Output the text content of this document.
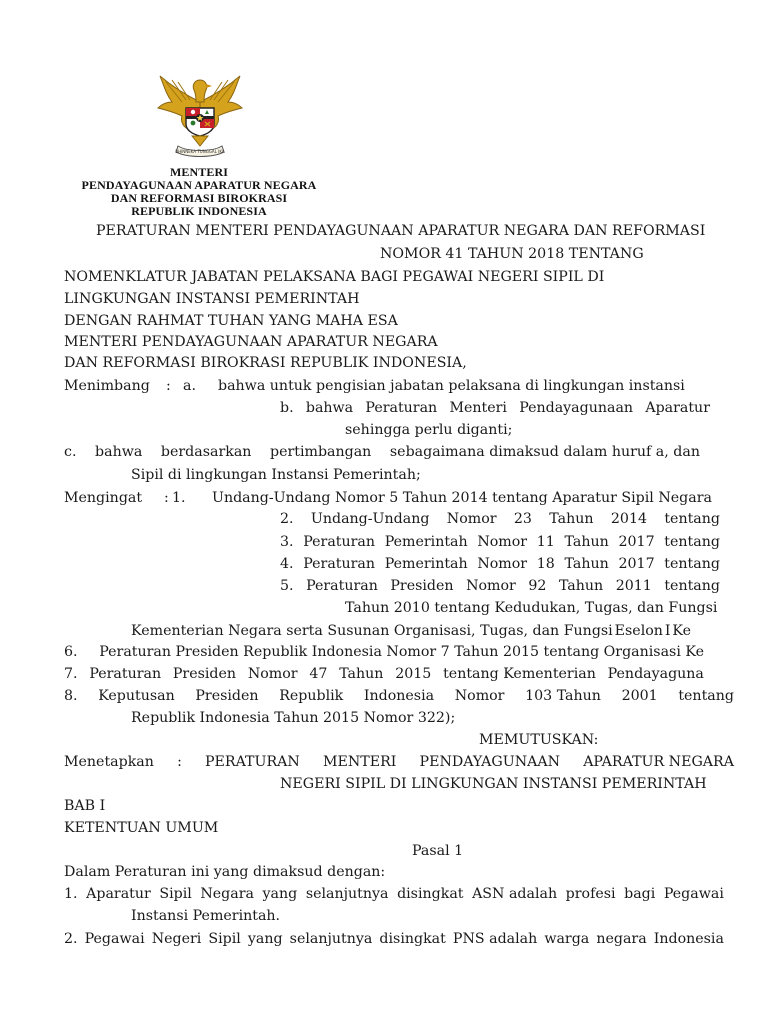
BHINNEKA TUNGGAL IKA
MENTERI
PENDAYAGUNAAN APARATUR NEGARA
DAN REFORMASI BIROKRASI
REPUBLIK INDONESIA
PERATURAN MENTERI PENDAYAGUNAAN APARATUR NEGARA DAN REFORMASI
NOMOR 41 TAHUN 2018 TENTANG
NOMENKLATUR JABATAN PELAKSANA BAGI PEGAWAI NEGERI SIPIL DI
LINGKUNGAN INSTANSI PEMERINTAH
DENGAN RAHMAT TUHAN YANG MAHA ESA
MENTERI PENDAYAGUNAAN APARATUR NEGARA
DAN REFORMASI BIROKRASI REPUBLIK INDONESIA,
Menimbang : a. bahwa untuk pengisian jabatan pelaksana di lingkungan instansi
b. bahwa Peraturan Menteri Pendayagunaan Aparatur
sehingga perlu diganti;
c. bahwa berdasarkan pertimbangan sebagaimana dimaksud dalam huruf a, dan
Sipil di lingkungan Instansi Pemerintah;
Mengingat : 1. Undang-Undang Nomor 5 Tahun 2014 tentang Aparatur Sipil Negara
2. Undang-Undang Nomor 23 Tahun 2014 tentang
3. Peraturan Pemerintah Nomor 11 Tahun 2017 tentang
4. Peraturan Pemerintah Nomor 18 Tahun 2017 tentang
5. Peraturan Presiden Nomor 92 Tahun 2011 tentang
Tahun 2010 tentang Kedudukan, Tugas, dan Fungsi
Kementerian Negara serta Susunan Organisasi, Tugas, dan Fungsi Eselon I Ke
6. Peraturan Presiden Republik Indonesia Nomor 7 Tahun 2015 tentang Organisasi Ke
7. Peraturan Presiden Nomor 47 Tahun 2015 tentang Kementerian Pendayaguna
8. Keputusan Presiden Republik Indonesia Nomor 103 Tahun 2001 tentang
Republik Indonesia Tahun 2015 Nomor 322);
MEMUTUSKAN:
Menetapkan : PERATURAN MENTERI PENDAYAGUNAAN APARATUR NEGARA
NEGERI SIPIL DI LINGKUNGAN INSTANSI PEMERINTAH
BAB I
KETENTUAN UMUM
Pasal 1
Dalam Peraturan ini yang dimaksud dengan:
1. Aparatur Sipil Negara yang selanjutnya disingkat ASN adalah profesi bagi Pegawai
Instansi Pemerintah.
2. Pegawai Negeri Sipil yang selanjutnya disingkat PNS adalah warga negara Indonesia
